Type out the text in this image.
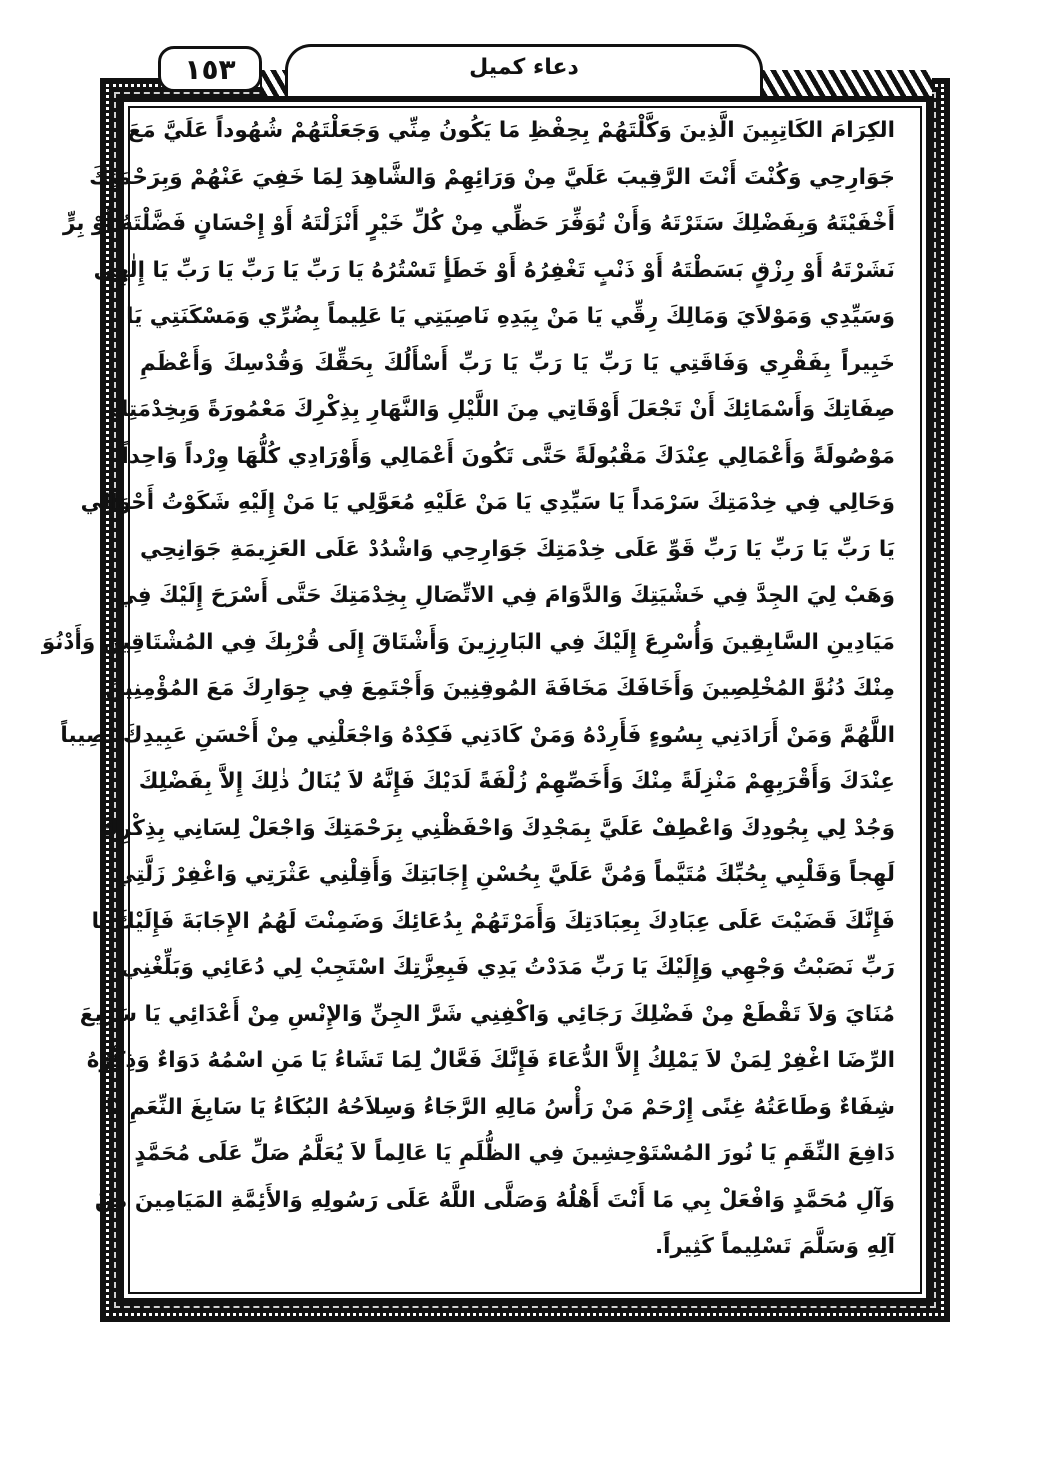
١٥٣	دعاء كميل
الكِرَامَ الكَاتِبِينَ الَّذِينَ وَكَّلْتَهُمْ بِحِفْظِ مَا يَكُونُ مِنِّي وَجَعَلْتَهُمْ شُهُوداً عَلَيَّ مَعَ
جَوَارِحِي وَكُنْتَ أَنْتَ الرَّقِيبَ عَلَيَّ مِنْ وَرَائِهِمْ وَالشَّاهِدَ لِمَا خَفِيَ عَنْهُمْ وَبِرَحْمَتِكَ
أَخْفَيْتَهُ وَبِفَضْلِكَ سَتَرْتَهُ وَأَنْ تُوَفِّرَ حَظِّي مِنْ كُلِّ خَيْرٍ أَنْزَلْتَهُ أَوْ إِحْسَانٍ فَضَّلْتَهُ أَوْ بِرٍّ
نَشَرْتَهُ أَوْ رِزْقٍ بَسَطْتَهُ أَوْ ذَنْبٍ تَغْفِرُهُ أَوْ خَطَأٍ تَسْتُرُهُ يَا رَبِّ يَا رَبِّ يَا رَبِّ يَا إِلٰهِي
وَسَيِّدِي وَمَوْلاَيَ وَمَالِكَ رِقِّي يَا مَنْ بِيَدِهِ نَاصِيَتِي يَا عَلِيماً بِضُرِّي وَمَسْكَنَتِي يَا
خَبِيراً بِفَقْرِي وَفَاقَتِي يَا رَبِّ يَا رَبِّ يَا رَبِّ أَسْأَلُكَ بِحَقِّكَ وَقُدْسِكَ وَأَعْظَمِ
صِفَاتِكَ وَأَسْمَائِكَ أَنْ تَجْعَلَ أَوْقَاتِي مِنَ اللَّيْلِ وَالنَّهَارِ بِذِكْرِكَ مَعْمُورَةً وَبِخِدْمَتِكَ
مَوْصُولَةً وَأَعْمَالِي عِنْدَكَ مَقْبُولَةً حَتَّى تَكُونَ أَعْمَالِي وَأَوْرَادِي كُلُّهَا وِرْداً وَاحِداً
وَحَالِي فِي خِدْمَتِكَ سَرْمَداً يَا سَيِّدِي يَا مَنْ عَلَيْهِ مُعَوَّلِي يَا مَنْ إِلَيْهِ شَكَوْتُ أَحْوَالِي
يَا رَبِّ يَا رَبِّ يَا رَبِّ قَوِّ عَلَى خِدْمَتِكَ جَوَارِحِي وَاشْدُدْ عَلَى العَزِيمَةِ جَوَانِحِي
وَهَبْ لِيَ الجِدَّ فِي خَشْيَتِكَ وَالدَّوَامَ فِي الاتِّصَالِ بِخِدْمَتِكَ حَتَّى أَسْرَحَ إِلَيْكَ فِي
مَيَادِينِ السَّابِقِينَ وَأُسْرِعَ إِلَيْكَ فِي البَارِزِينَ وَأَشْتَاقَ إِلَى قُرْبِكَ فِي المُشْتَاقِينَ وَأَدْنُوَ
مِنْكَ دُنُوَّ المُخْلِصِينَ وَأَخَافَكَ مَخَافَةَ المُوقِنِينَ وَأَجْتَمِعَ فِي جِوَارِكَ مَعَ المُؤْمِنِينَ
اللَّهُمَّ وَمَنْ أَرَادَنِي بِسُوءٍ فَأَرِدْهُ وَمَنْ كَادَنِي فَكِدْهُ وَاجْعَلْنِي مِنْ أَحْسَنِ عَبِيدِكَ نَصِيباً
عِنْدَكَ وَأَقْرَبِهِمْ مَنْزِلَةً مِنْكَ وَأَخَصِّهِمْ زُلْفَةً لَدَيْكَ فَإِنَّهُ لاَ يُنَالُ ذٰلِكَ إِلاَّ بِفَضْلِكَ
وَجُدْ لِي بِجُودِكَ وَاعْطِفْ عَلَيَّ بِمَجْدِكَ وَاحْفَظْنِي بِرَحْمَتِكَ وَاجْعَلْ لِسَانِي بِذِكْرِكَ
لَهِجاً وَقَلْبِي بِحُبِّكَ مُتَيَّماً وَمُنَّ عَلَيَّ بِحُسْنِ إِجَابَتِكَ وَأَقِلْنِي عَثْرَتِي وَاغْفِرْ زَلَّتِي
فَإِنَّكَ قَضَيْتَ عَلَى عِبَادِكَ بِعِبَادَتِكَ وَأَمَرْتَهُمْ بِدُعَائِكَ وَضَمِنْتَ لَهُمُ الإِجَابَةَ فَإِلَيْكَ يَا
رَبِّ نَصَبْتُ وَجْهِي وَإِلَيْكَ يَا رَبِّ مَدَدْتُ يَدِي فَبِعِزَّتِكَ اسْتَجِبْ لِي دُعَائِي وَبَلِّغْنِي
مُنَايَ وَلاَ تَقْطَعْ مِنْ فَضْلِكَ رَجَائِي وَاكْفِنِي شَرَّ الجِنِّ وَالإِنْسِ مِنْ أَعْدَائِي يَا سَرِيعَ
الرِّضَا اغْفِرْ لِمَنْ لاَ يَمْلِكُ إِلاَّ الدُّعَاءَ فَإِنَّكَ فَعَّالٌ لِمَا تَشَاءُ يَا مَنِ اسْمُهُ دَوَاءٌ وَذِكْرُهُ
شِفَاءٌ وَطَاعَتُهُ غِنًى إِرْحَمْ مَنْ رَأْسُ مَالِهِ الرَّجَاءُ وَسِلاَحُهُ البُكَاءُ يَا سَابِغَ النِّعَمِ يَا
دَافِعَ النِّقَمِ يَا نُورَ المُسْتَوْحِشِينَ فِي الظُّلَمِ يَا عَالِماً لاَ يُعَلَّمُ صَلِّ عَلَى مُحَمَّدٍ
وَآلِ مُحَمَّدٍ وَافْعَلْ بِي مَا أَنْتَ أَهْلُهُ وَصَلَّى اللَّهُ عَلَى رَسُولِهِ وَالأَئِمَّةِ المَيَامِينَ مِنْ
آلِهِ وَسَلَّمَ تَسْلِيماً كَثِيراً.
